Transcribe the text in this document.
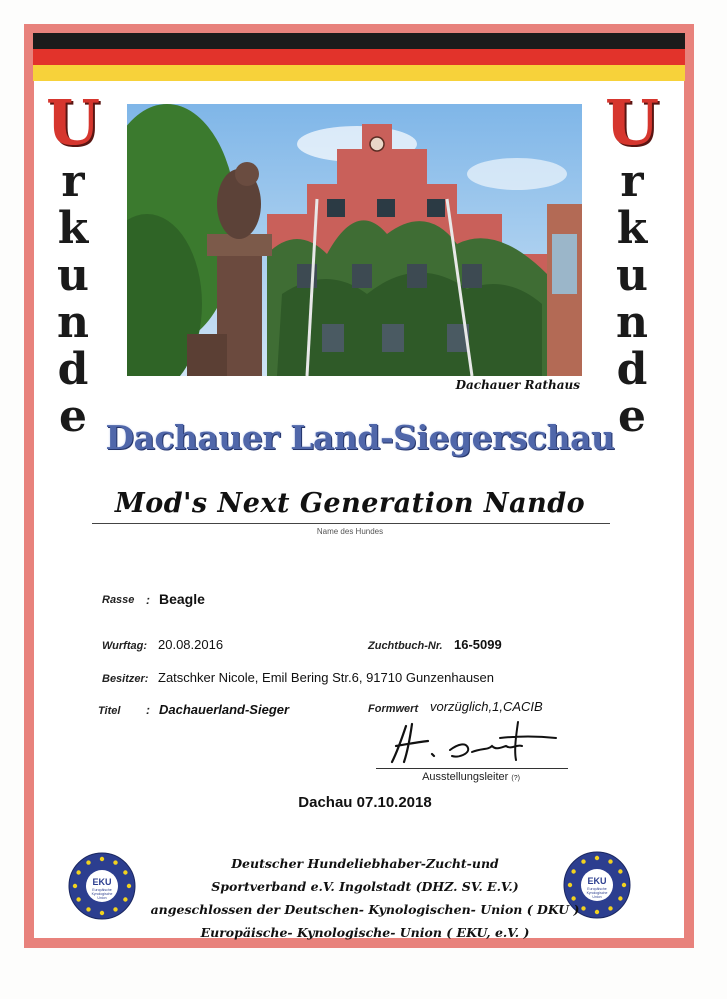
U
r
k
u
n
d
e
U
r
k
u
n
d
e
Dachauer Rathaus
Dachauer Land-Siegerschau
Mod's Next Generation Nando
Name des Hundes
Rasse : Beagle
Wurftag: 20.08.2016	Zuchtbuch-Nr. 16-5099
Besitzer: Zatschker Nicole, Emil Bering Str.6, 91710 Gunzenhausen
Titel : Dachauerland-Sieger	Formwert vorzüglich,1,CACIB
Ausstellungsleiter (?)
Dachau 07.10.2018
EKU
Europäische
Kynologische
Union
EKU
Europäische
Kynologische
Union
Deutscher Hundeliebhaber-Zucht-und
Sportverband e.V. Ingolstadt (DHZ. SV. E.V.)
angeschlossen der Deutschen- Kynologischen- Union ( DKU )
Europäische- Kynologische- Union ( EKU, e.V. )
